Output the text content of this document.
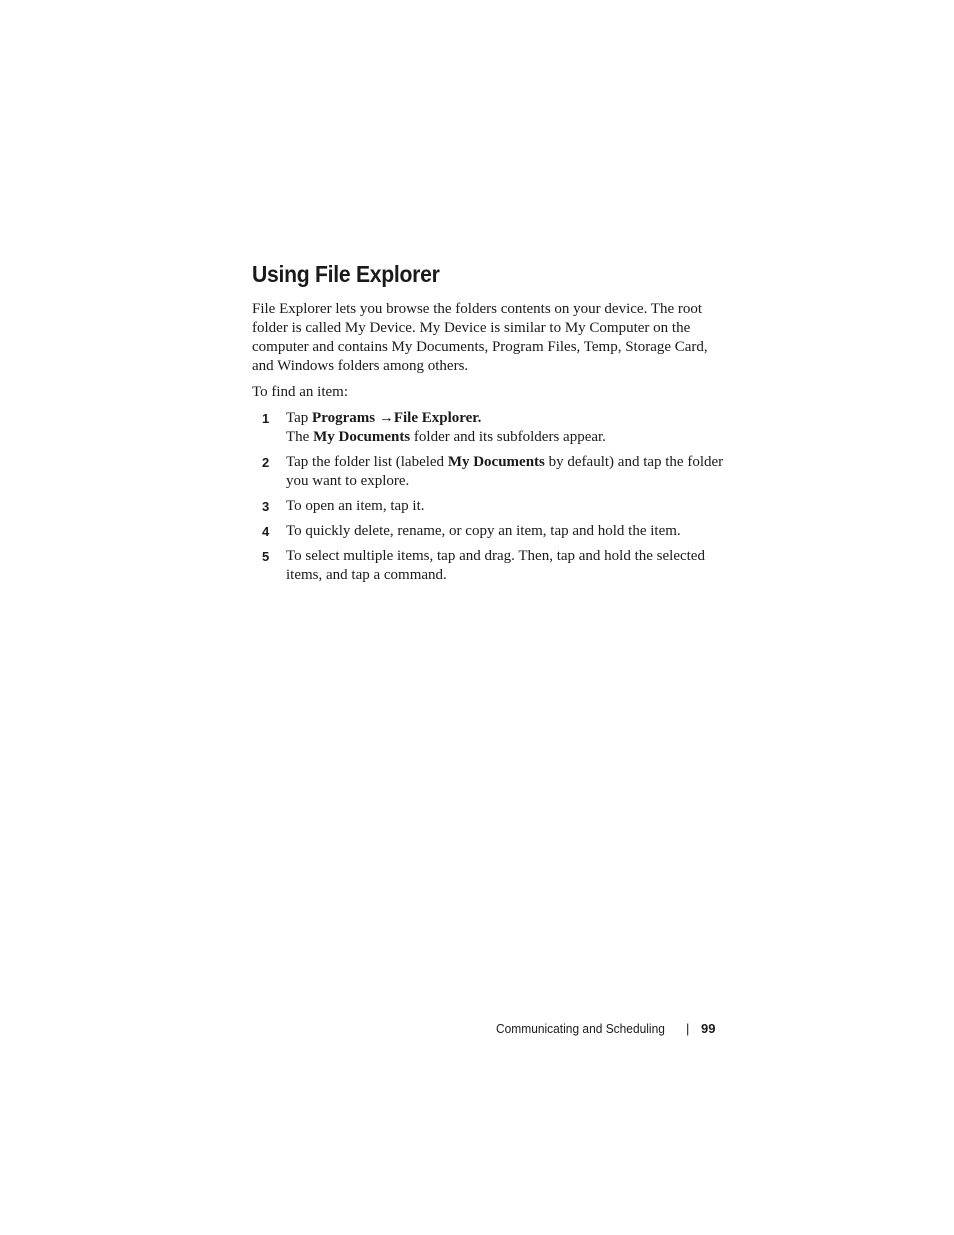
Using File Explorer

File Explorer lets you browse the folders contents on your device. The root folder is called My Device. My Device is similar to My Computer on the computer and contains My Documents, Program Files, Temp, Storage Card, and Windows folders among others.

To find an item:

1 Tap Programs →File Explorer.
The My Documents folder and its subfolders appear.
2 Tap the folder list (labeled My Documents by default) and tap the folder you want to explore.
3 To open an item, tap it.
4 To quickly delete, rename, or copy an item, tap and hold the item.
5 To select multiple items, tap and drag. Then, tap and hold the selected items, and tap a command.
Communicating and Scheduling | 99
